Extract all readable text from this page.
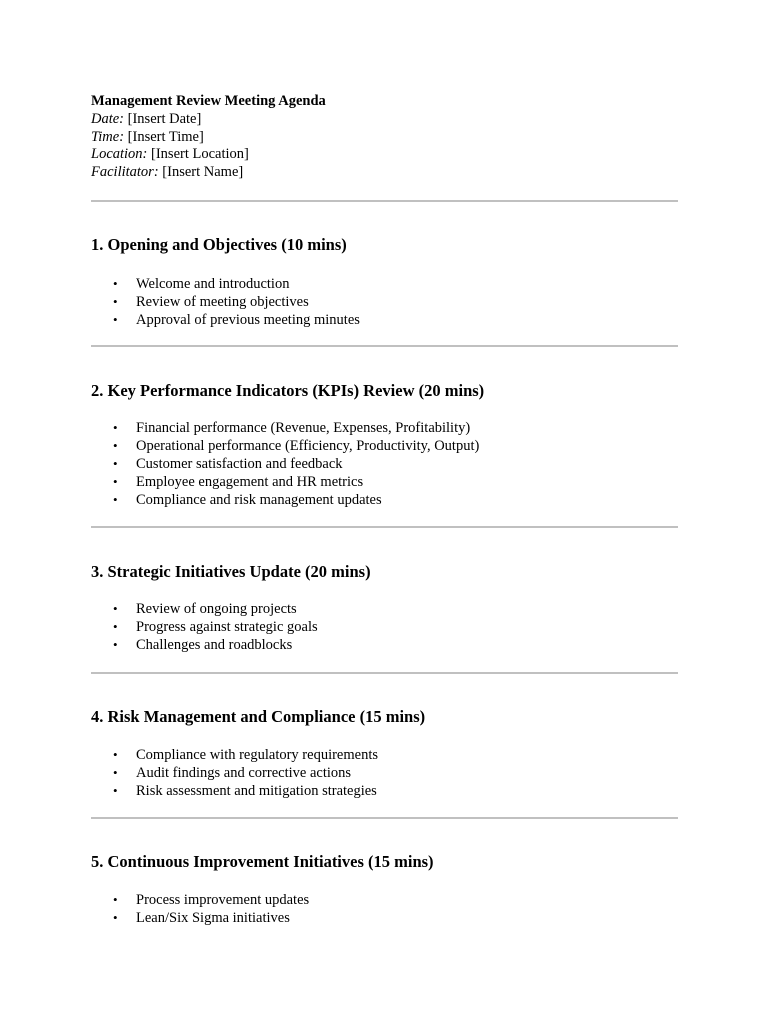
Management Review Meeting Agenda
Date: [Insert Date]
Time: [Insert Time]
Location: [Insert Location]
Facilitator: [Insert Name]
1. Opening and Objectives (10 mins)
• Welcome and introduction
• Review of meeting objectives
• Approval of previous meeting minutes
2. Key Performance Indicators (KPIs) Review (20 mins)
• Financial performance (Revenue, Expenses, Profitability)
• Operational performance (Efficiency, Productivity, Output)
• Customer satisfaction and feedback
• Employee engagement and HR metrics
• Compliance and risk management updates
3. Strategic Initiatives Update (20 mins)
• Review of ongoing projects
• Progress against strategic goals
• Challenges and roadblocks
4. Risk Management and Compliance (15 mins)
• Compliance with regulatory requirements
• Audit findings and corrective actions
• Risk assessment and mitigation strategies
5. Continuous Improvement Initiatives (15 mins)
• Process improvement updates
• Lean/Six Sigma initiatives
